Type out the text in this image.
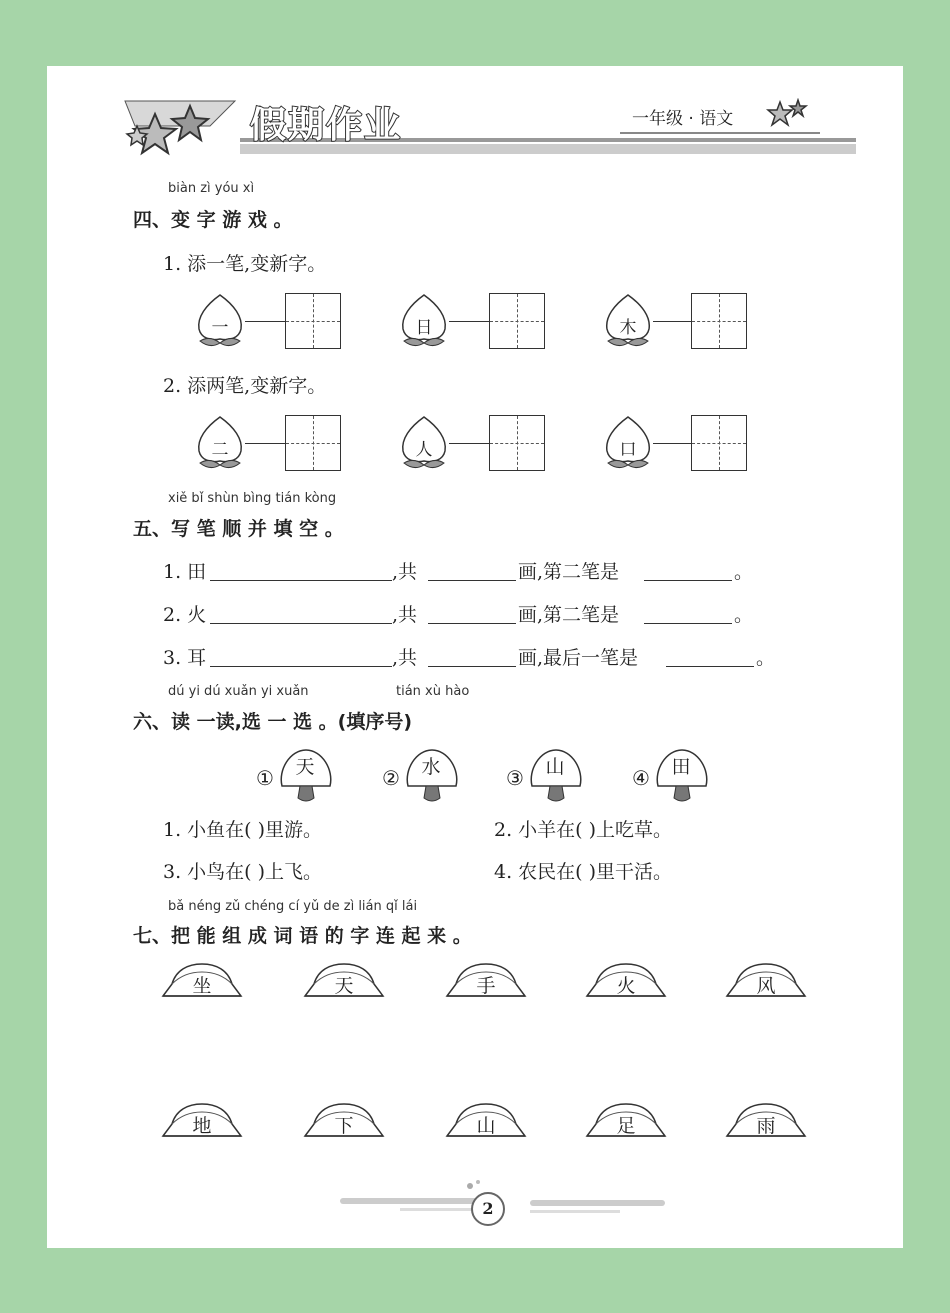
假期作业	一年级 · 语文
biàn zì yóu xì
四、变 字 游 戏 。
1. 添一笔,变新字。
一	日	木
2. 添两笔,变新字。
二	人	口
xiě bǐ shùn bìng tián kòng
五、写 笔 顺 并 填 空 。
1. 田	,共	画,第二笔是	。
2. 火	,共	画,第二笔是	。
3. 耳	,共	画,最后一笔是	。
dú yi dú xuǎn yi xuǎn	tián xù hào
六、读 一读,选 一 选 。(填序号)
①	天	②	水	③	山	④	田
1. 小鱼在( )里游。	2. 小羊在( )上吃草。
3. 小鸟在( )上飞。	4. 农民在( )里干活。
bǎ néng zǔ chéng cí yǔ de zì lián qǐ lái
七、把 能 组 成 词 语 的 字 连 起 来 。
坐	天	手	火	风
地	下	山	足	雨
2
